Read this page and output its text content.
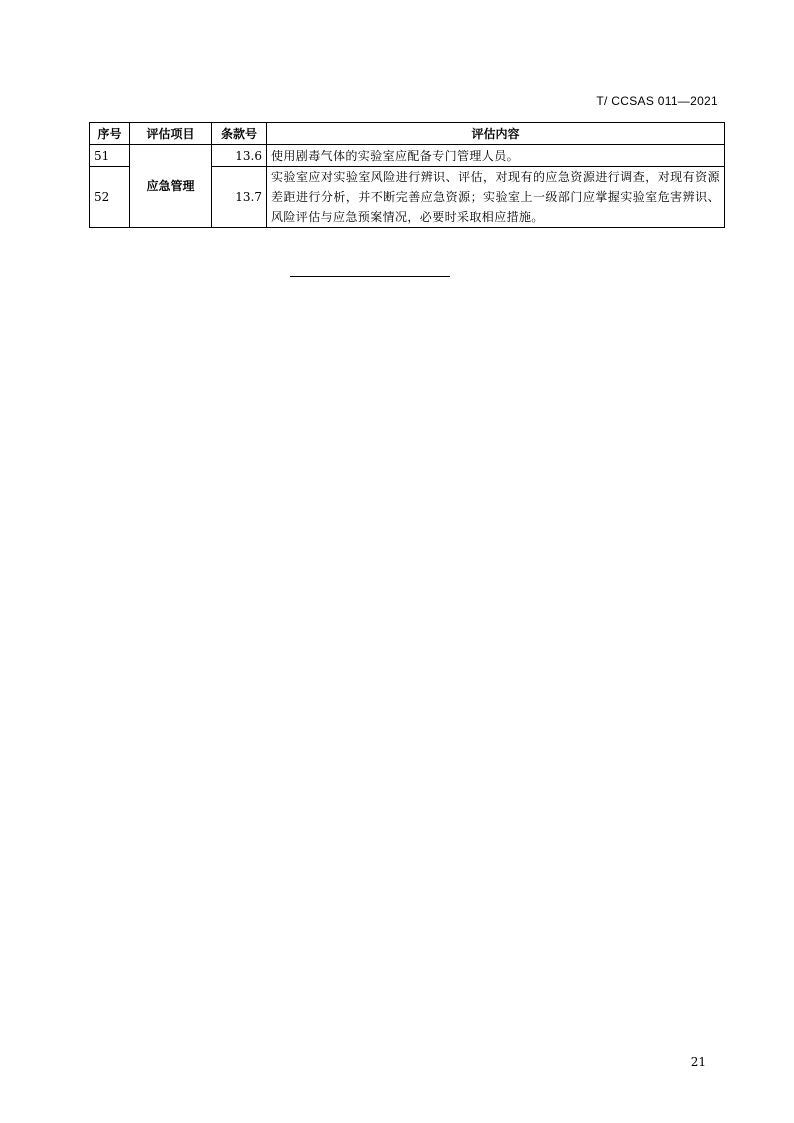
T/ CCSAS 011—2021
序号	评估项目	条款号	评估内容
51	应急管理	13.6	使用剧毒气体的实验室应配备专门管理人员。
52		13.7	实验室应对实验室风险进行辨识、评估，对现有的应急资源进行调查，对现有资源差距进行分析，并不断完善应急资源；实验室上一级部门应掌握实验室危害辨识、风险评估与应急预案情况，必要时采取相应措施。
21
